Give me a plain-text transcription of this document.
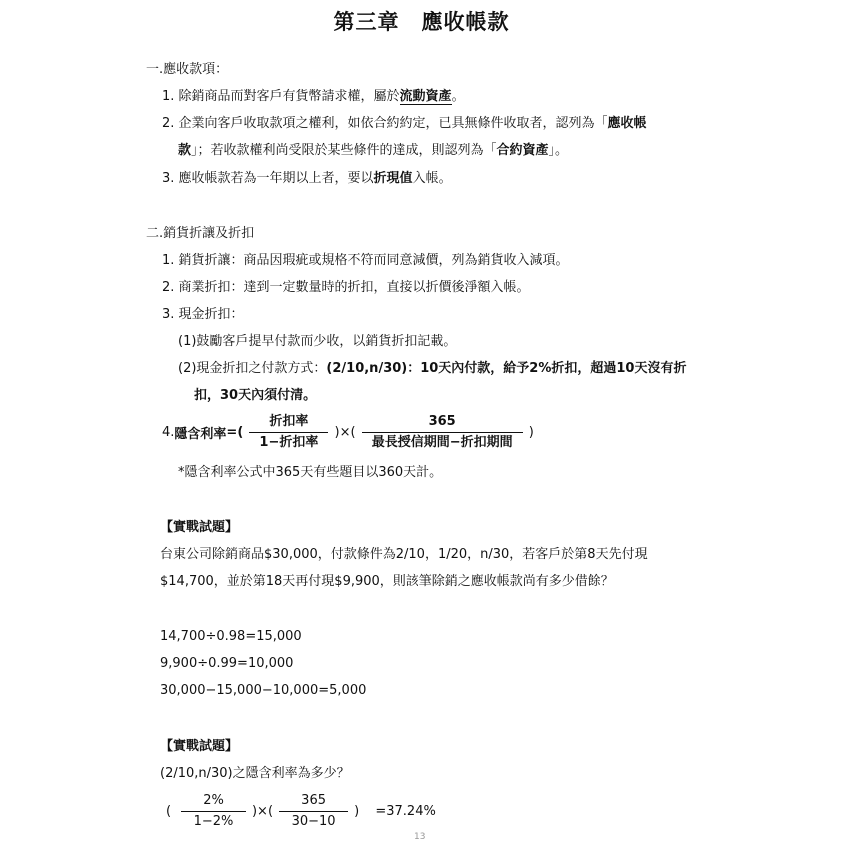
第三章　應收帳款
一.應收款項：
1. 除銷商品而對客戶有貨幣請求權，屬於流動資產。
2. 企業向客戶收取款項之權利，如依合約約定，已具無條件收取者，認列為「應收帳
款」；若收款權利尚受限於某些條件的達成，則認列為「合約資產」。
3. 應收帳款若為一年期以上者，要以折現值入帳。
二.銷貨折讓及折扣
1. 銷貨折讓：商品因瑕疵或規格不符而同意減價，列為銷貨收入減項。
2. 商業折扣：達到一定數量時的折扣，直接以折價後淨額入帳。
3. 現金折扣：
(1)鼓勵客戶提早付款而少收，以銷貨折扣記載。
(2)現金折扣之付款方式：(2/10,n/30)：10天內付款，給予2%折扣，超過10天沒有折
扣，30天內須付清。
4.隱含利率=( $\frac{\text{折扣率}}{\text{1−折扣率}}$ )×( $\frac{365}{\text{最長授信期間−折扣期間}}$ )
*隱含利率公式中365天有些題目以360天計。
【實戰試題】
台東公司除銷商品$30,000，付款條件為2/10，1/20，n/30，若客戶於第8天先付現
$14,700，並於第18天再付現$9,900，則該筆除銷之應收帳款尚有多少借餘？
14,700÷0.98=15,000
9,900÷0.99=10,000
30,000−15,000−10,000=5,000
【實戰試題】
(2/10,n/30)之隱含利率為多少？
( $\frac{2\%}{1-2\%}$ )×( $\frac{365}{30-10}$ ) =37.24%
13
